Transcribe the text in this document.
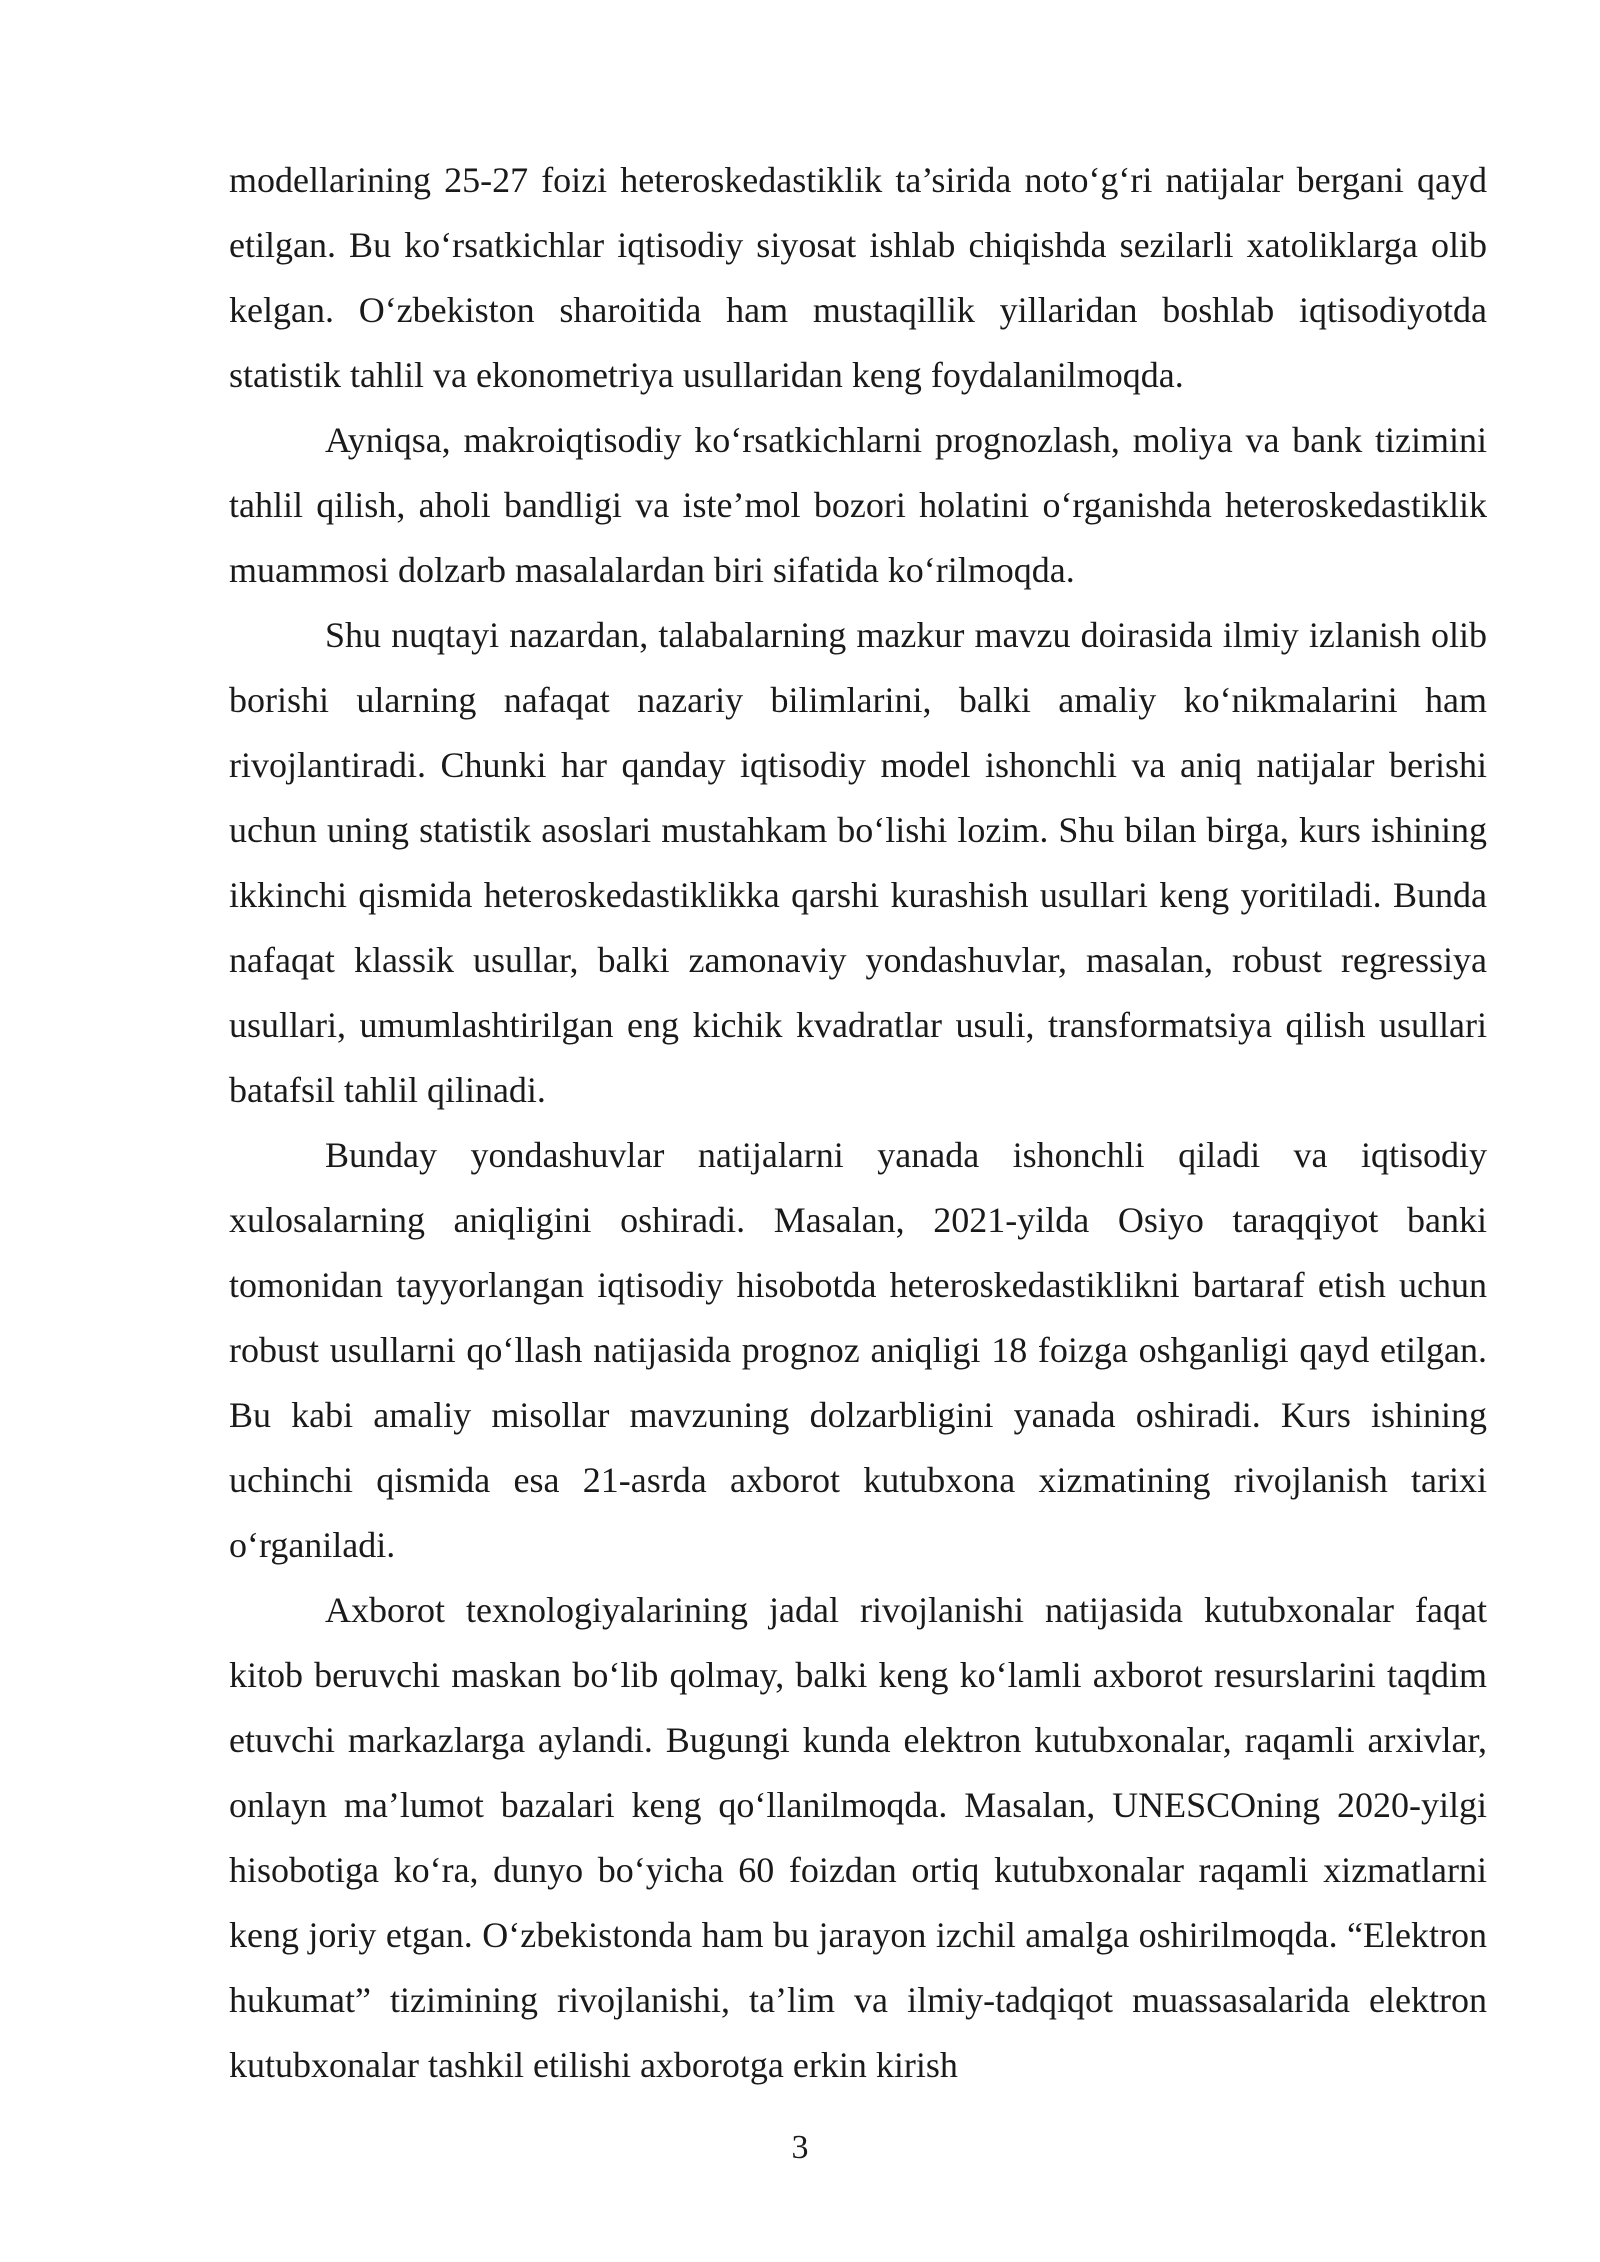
modellarining 25-27 foizi heteroskedastiklik ta’sirida noto‘g‘ri natijalar bergani qayd etilgan. Bu ko‘rsatkichlar iqtisodiy siyosat ishlab chiqishda sezilarli xatoliklarga olib kelgan. O‘zbekiston sharoitida ham mustaqillik yillaridan boshlab iqtisodiyotda statistik tahlil va ekonometriya usullaridan keng foydalanilmoqda.

Ayniqsa, makroiqtisodiy ko‘rsatkichlarni prognozlash, moliya va bank tizimini tahlil qilish, aholi bandligi va iste’mol bozori holatini o‘rganishda heteroskedastiklik muammosi dolzarb masalalardan biri sifatida ko‘rilmoqda.

Shu nuqtayi nazardan, talabalarning mazkur mavzu doirasida ilmiy izlanish olib borishi ularning nafaqat nazariy bilimlarini, balki amaliy ko‘nikmalarini ham rivojlantiradi. Chunki har qanday iqtisodiy model ishonchli va aniq natijalar berishi uchun uning statistik asoslari mustahkam bo‘lishi lozim. Shu bilan birga, kurs ishining ikkinchi qismida heteroskedastiklikka qarshi kurashish usullari keng yoritiladi. Bunda nafaqat klassik usullar, balki zamonaviy yondashuvlar, masalan, robust regressiya usullari, umumlashtirilgan eng kichik kvadratlar usuli, transformatsiya qilish usullari batafsil tahlil qilinadi.

Bunday yondashuvlar natijalarni yanada ishonchli qiladi va iqtisodiy xulosalarning aniqligini oshiradi. Masalan, 2021-yilda Osiyo taraqqiyot banki tomonidan tayyorlangan iqtisodiy hisobotda heteroskedastiklikni bartaraf etish uchun robust usullarni qo‘llash natijasida prognoz aniqligi 18 foizga oshganligi qayd etilgan. Bu kabi amaliy misollar mavzuning dolzarbligini yanada oshiradi. Kurs ishining uchinchi qismida esa 21-asrda axborot kutubxona xizmatining rivojlanish tarixi o‘rganiladi.

Axborot texnologiyalarining jadal rivojlanishi natijasida kutubxonalar faqat kitob beruvchi maskan bo‘lib qolmay, balki keng ko‘lamli axborot resurslarini taqdim etuvchi markazlarga aylandi. Bugungi kunda elektron kutubxonalar, raqamli arxivlar, onlayn ma’lumot bazalari keng qo‘llanilmoqda. Masalan, UNESCOning 2020-yilgi hisobotiga ko‘ra, dunyo bo‘yicha 60 foizdan ortiq kutubxonalar raqamli xizmatlarni keng joriy etgan. O‘zbekistonda ham bu jarayon izchil amalga oshirilmoqda. “Elektron hukumat” tizimining rivojlanishi, ta’lim va ilmiy-tadqiqot muassasalarida elektron kutubxonalar tashkil etilishi axborotga erkin kirish

3
